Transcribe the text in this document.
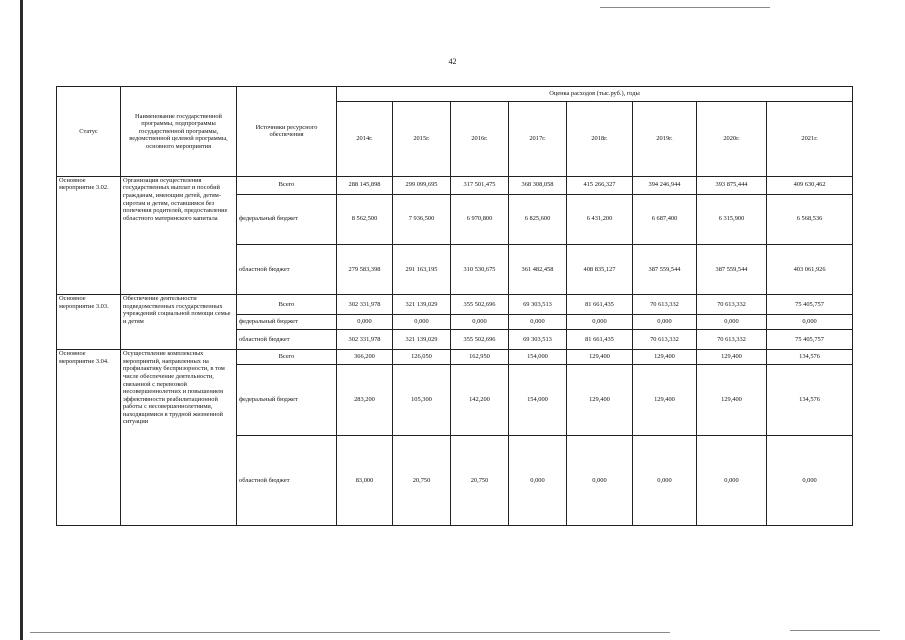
42
Статус	Наименование государственной программы, подпрограммы государственной программы, ведомственной целевой программы, основного мероприятия	Источники ресурсного обеспечения	Оценка расходов (тыс.руб.), годы							
			2014г.	2015г.	2016г.	2017г.	2018г.	2019г.	2020г.	2021г.
Основное мероприятие 3.02.	Организация осуществления государственных выплат и пособий гражданам, имеющим детей, детям-сиротам и детям, оставшимся без попечения родителей, предоставление областного материнского капитала	Всего	288 145,898	299 099,695	317 501,475	368 308,058	415 266,327	394 246,944	393 875,444	409 630,462
		федеральный бюджет	8 562,500	7 936,500	6 970,800	6 825,600	6 431,200	6 687,400	6 315,900	6 568,536
		областной бюджет	279 583,398	291 163,195	310 530,675	361 482,458	408 835,127	387 559,544	387 559,544	403 061,926
Основное мероприятие 3.03.	Обеспечение деятельности подведомственных государственных учреждений социальной помощи семье и детям	Всего	302 331,978	321 139,029	355 502,696	69 303,513	81 661,435	70 613,332	70 613,332	75 405,757
		федеральный бюджет	0,000	0,000	0,000	0,000	0,000	0,000	0,000	0,000
		областной бюджет	302 331,978	321 139,029	355 502,696	69 303,513	81 661,435	70 613,332	70 613,332	75 405,757
Основное мероприятие 3.04.	Осуществление комплексных мероприятий, направленных на профилактику беспризорности, в том числе обеспечение деятельности, связанной с перевозкой несовершеннолетних и повышением эффективности реабилитационной работы с несовершеннолетними, находящимися в трудной жизненной ситуации	Всего	366,200	126,050	162,950	154,000	129,400	129,400	129,400	134,576
		федеральный бюджет	283,200	105,300	142,200	154,000	129,400	129,400	129,400	134,576
		областной бюджет	83,000	20,750	20,750	0,000	0,000	0,000	0,000	0,000
